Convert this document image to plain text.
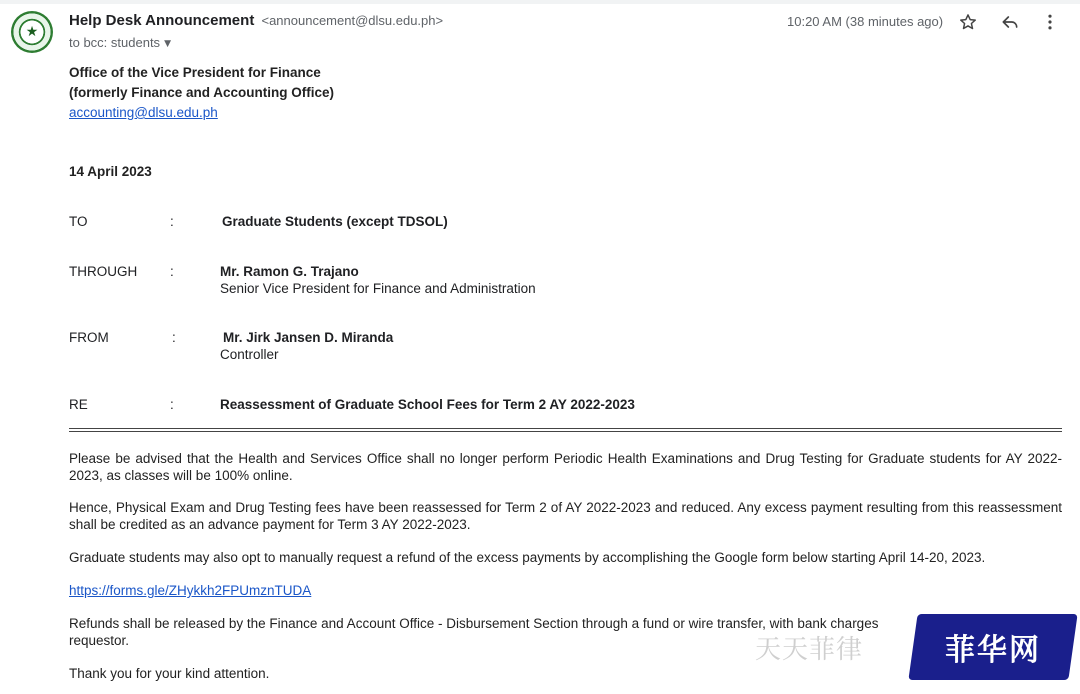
★
Help Desk Announcement <announcement@dlsu.edu.ph>
to bcc: students ▼
10:20 AM (38 minutes ago)
Office of the Vice President for Finance
(formerly Finance and Accounting Office)
accounting@dlsu.edu.ph
14 April 2023
TO	:	Graduate Students (except TDSOL)
THROUGH :	Mr. Ramon G. Trajano
Senior Vice President for Finance and Administration
FROM	:	Mr. Jirk Jansen D. Miranda
Controller
RE	:	Reassessment of Graduate School Fees for Term 2 AY 2022-2023
Please be advised that the Health and Services Office shall no longer perform Periodic Health Examinations and Drug Testing for Graduate students for AY 2022-2023, as classes will be 100% online.
Hence, Physical Exam and Drug Testing fees have been reassessed for Term 2 of AY 2022-2023 and reduced. Any excess payment resulting from this reassessment shall be credited as an advance payment for Term 3 AY 2022-2023.
Graduate students may also opt to manually request a refund of the excess payments by accomplishing the Google form below starting April 14-20, 2023.
https://forms.gle/ZHykkh2FPUmznTUDA
Refunds shall be released by the Finance and Account Office - Disbursement Section through a fund or wire transfer, with bank charges
requestor.
Thank you for your kind attention.
天天菲律	菲华网
